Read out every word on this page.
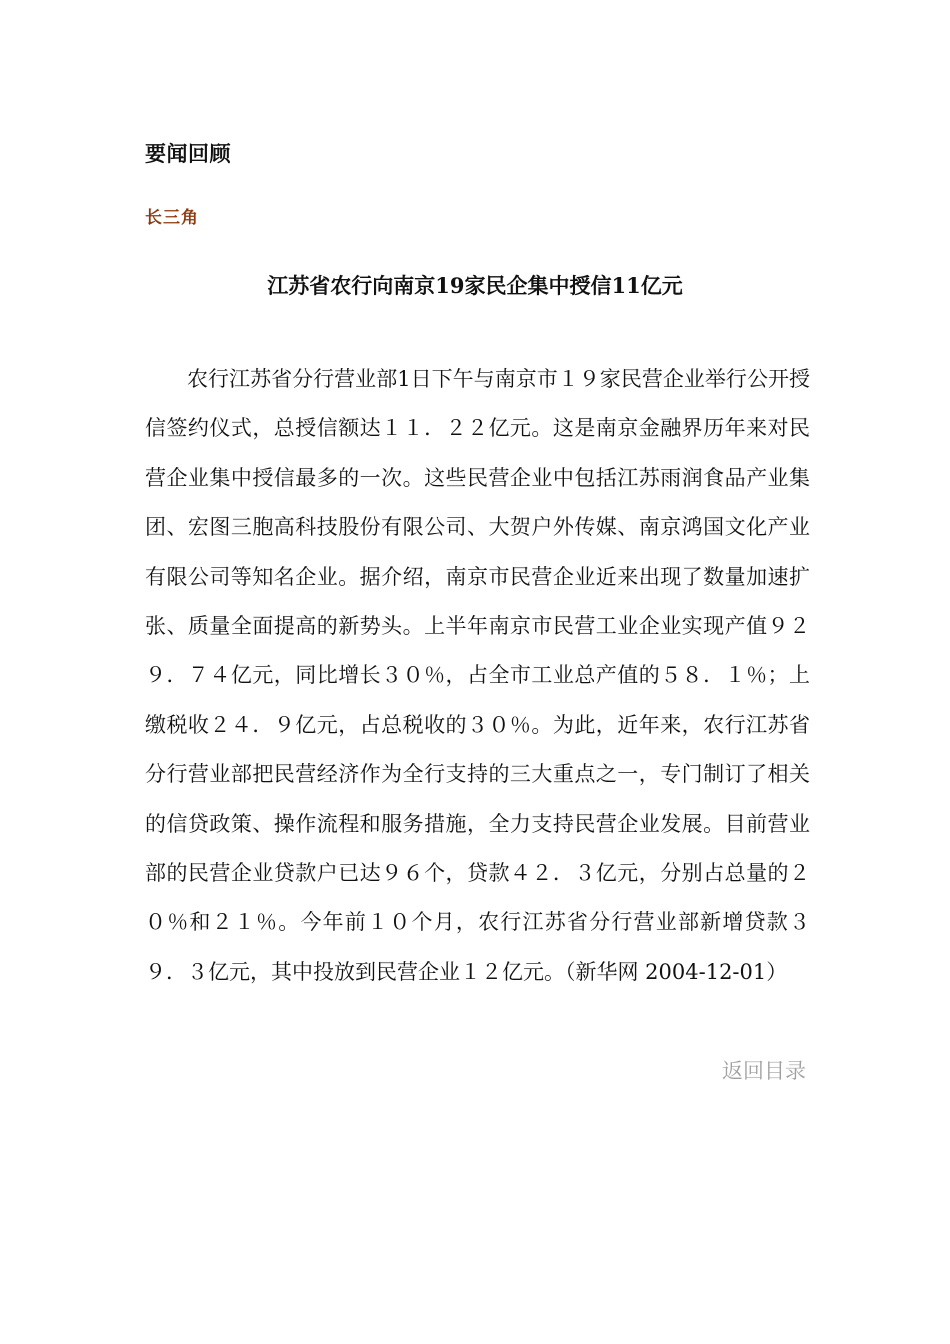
要闻回顾
长三角
江苏省农行向南京19家民企集中授信11亿元

农行江苏省分行营业部1日下午与南京市１９家民营企业举行公开授信签约仪式，总授信额达１１．２２亿元。这是南京金融界历年来对民营企业集中授信最多的一次。这些民营企业中包括江苏雨润食品产业集团、宏图三胞高科技股份有限公司、大贺户外传媒、南京鸿国文化产业有限公司等知名企业。据介绍，南京市民营企业近来出现了数量加速扩张、质量全面提高的新势头。上半年南京市民营工业企业实现产值９２９．７４亿元，同比增长３０％，占全市工业总产值的５８．１％；上缴税收２４．９亿元，占总税收的３０％。为此，近年来，农行江苏省分行营业部把民营经济作为全行支持的三大重点之一，专门制订了相关的信贷政策、操作流程和服务措施，全力支持民营企业发展。目前营业部的民营企业贷款户已达９６个，贷款４２．３亿元，分别占总量的２０％和２１％。今年前１０个月，农行江苏省分行营业部新增贷款３９．３亿元，其中投放到民营企业１２亿元。（新华网 2004-12-01）

返回目录
